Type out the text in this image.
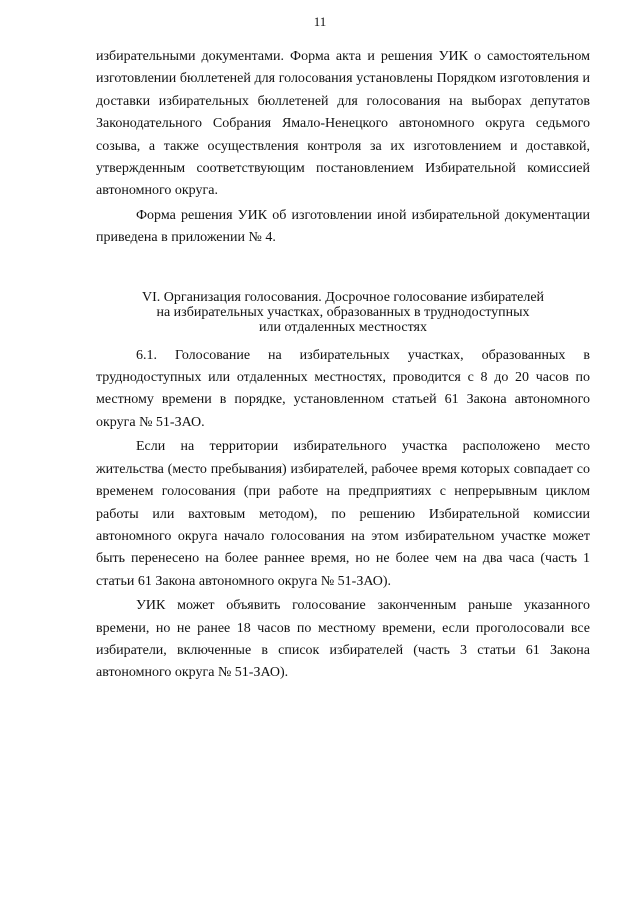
11

избирательными документами. Форма акта и решения УИК о самостоятельном изготовлении бюллетеней для голосования установлены Порядком изготовления и доставки избирательных бюллетеней для голосования на выборах депутатов Законодательного Собрания Ямало-Ненецкого автономного округа седьмого созыва, а также осуществления контроля за их изготовлением и доставкой, утвержденным соответствующим постановлением Избирательной комиссией автономного округа.

Форма решения УИК об изготовлении иной избирательной документации приведена в приложении № 4.

VI. Организация голосования. Досрочное голосование избирателей
на избирательных участках, образованных в труднодоступных
или отдаленных местностях

6.1. Голосование на избирательных участках, образованных в труднодоступных или отдаленных местностях, проводится с 8 до 20 часов по местному времени в порядке, установленном статьей 61 Закона автономного округа № 51-ЗАО.

Если на территории избирательного участка расположено место жительства (место пребывания) избирателей, рабочее время которых совпадает со временем голосования (при работе на предприятиях с непрерывным циклом работы или вахтовым методом), по решению Избирательной комиссии автономного округа начало голосования на этом избирательном участке может быть перенесено на более раннее время, но не более чем на два часа (часть 1 статьи 61 Закона автономного округа № 51-ЗАО).

УИК может объявить голосование законченным раньше указанного времени, но не ранее 18 часов по местному времени, если проголосовали все избиратели, включенные в список избирателей (часть 3 статьи 61 Закона автономного округа № 51-ЗАО).
